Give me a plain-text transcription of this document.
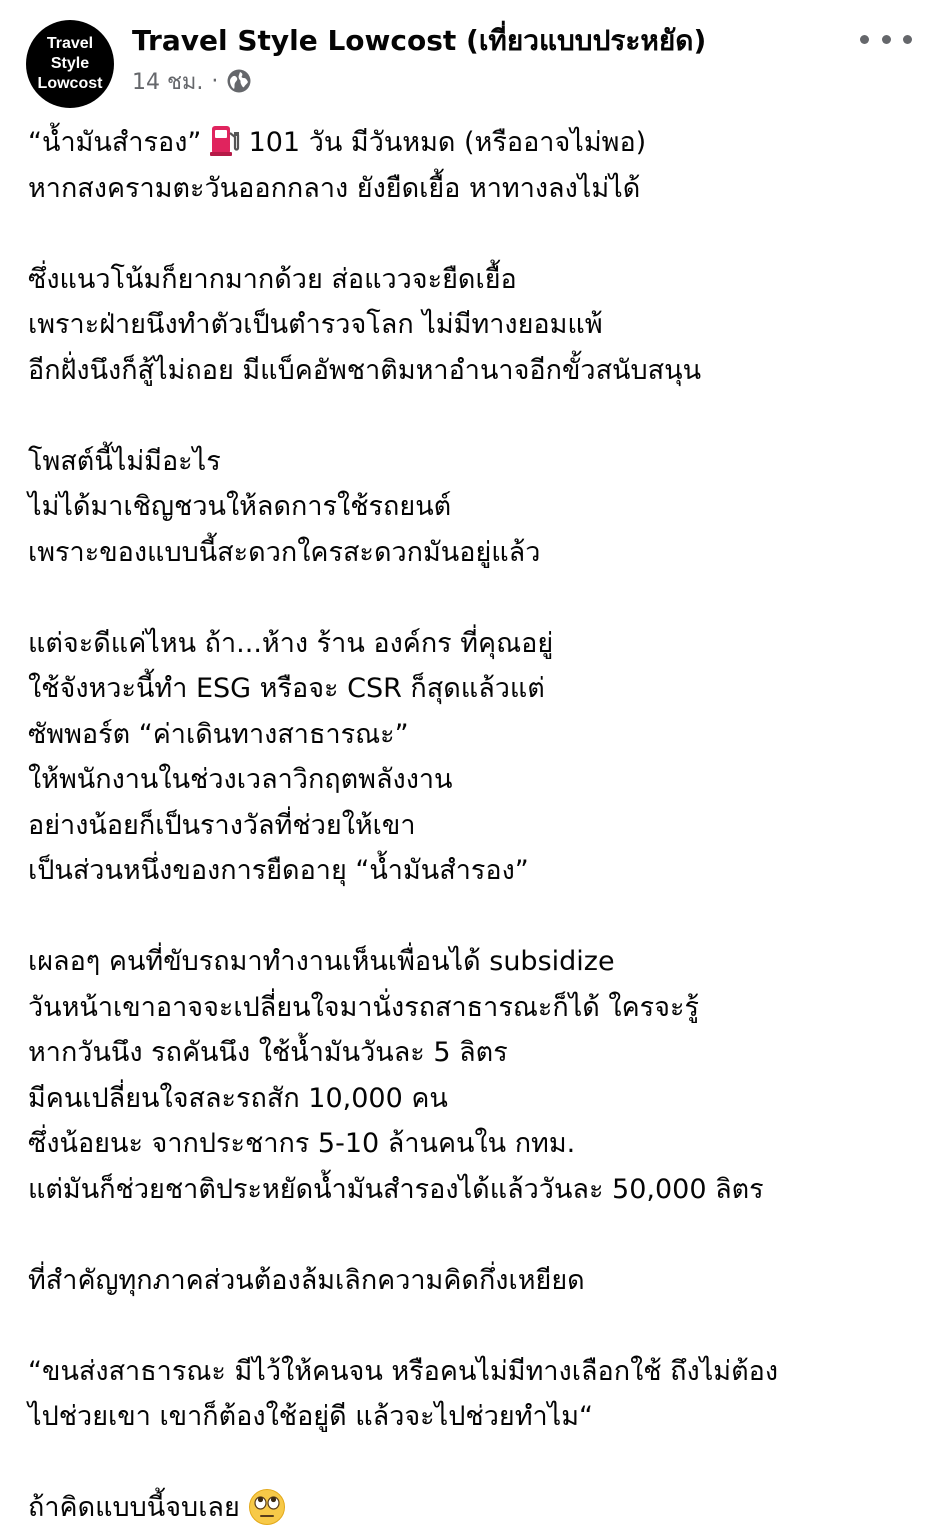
Travel
Style
Lowcost
Travel Style Lowcost (เที่ยวแบบประหยัด)
14 ชม. ·
“น้ำมันสำรอง” 101 วัน มีวันหมด (หรืออาจไม่พอ)
หากสงครามตะวันออกกลาง ยังยืดเยื้อ หาทางลงไม่ได้
ซึ่งแนวโน้มก็ยากมากด้วย ส่อแววจะยืดเยื้อ
เพราะฝ่ายนึงทำตัวเป็นตำรวจโลก ไม่มีทางยอมแพ้
อีกฝั่งนึงก็สู้ไม่ถอย มีแบ็คอัพชาติมหาอำนาจอีกขั้วสนับสนุน
โพสต์นี้ไม่มีอะไร
ไม่ได้มาเชิญชวนให้ลดการใช้รถยนต์
เพราะของแบบนี้สะดวกใครสะดวกมันอยู่แล้ว
แต่จะดีแค่ไหน ถ้า...ห้าง ร้าน องค์กร ที่คุณอยู่
ใช้จังหวะนี้ทำ ESG หรือจะ CSR ก็สุดแล้วแต่
ซัพพอร์ต “ค่าเดินทางสาธารณะ”
ให้พนักงานในช่วงเวลาวิกฤตพลังงาน
อย่างน้อยก็เป็นรางวัลที่ช่วยให้เขา
เป็นส่วนหนึ่งของการยืดอายุ “น้ำมันสำรอง”
เผลอๆ คนที่ขับรถมาทำงานเห็นเพื่อนได้ subsidize
วันหน้าเขาอาจจะเปลี่ยนใจมานั่งรถสาธารณะก็ได้ ใครจะรู้
หากวันนึง รถคันนึง ใช้น้ำมันวันละ 5 ลิตร
มีคนเปลี่ยนใจสละรถสัก 10,000 คน
ซึ่งน้อยนะ จากประชากร 5-10 ล้านคนใน กทม.
แต่มันก็ช่วยชาติประหยัดน้ำมันสำรองได้แล้ววันละ 50,000 ลิตร
ที่สำคัญทุกภาคส่วนต้องล้มเลิกความคิดกึ่งเหยียด
“ขนส่งสาธารณะ มีไว้ให้คนจน หรือคนไม่มีทางเลือกใช้ ถึงไม่ต้อง
ไปช่วยเขา เขาก็ต้องใช้อยู่ดี แล้วจะไปช่วยทำไม“
ถ้าคิดแบบนี้จบเลย
